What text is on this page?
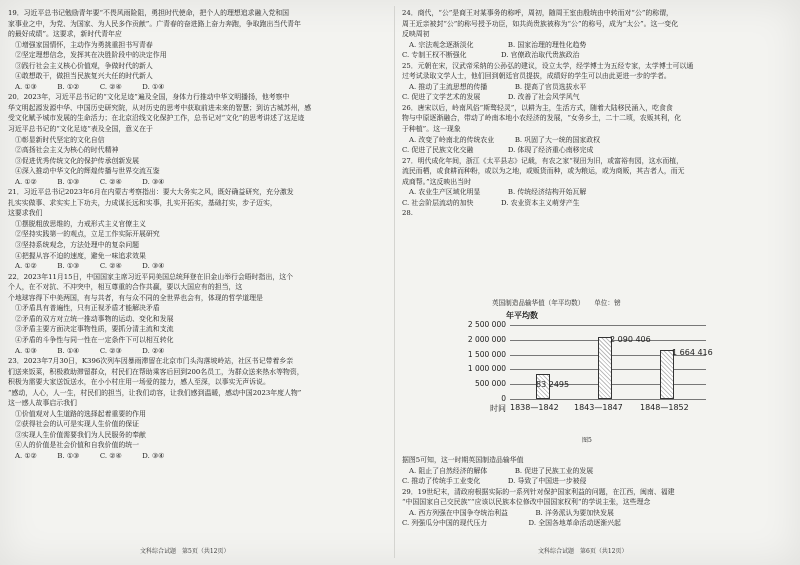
19．习近平总书记勉励青年要“不畏风雨险阻，勇担时代使命，把个人的理想追求融入党和国

家事业之中，为党、为国家、为人民多作贡献”。广青春的奋进路上奋力奔跑，争取跑出当代青年

的最好成绩”。这要求，新时代青年应

①增强家国情怀，主动作为勇挑重担书写青春

②坚定理想信念，发挥其在决胜阶段中的决定作用

③践行社会主义核心价值观，争做时代的新人

④敢想敢干，做担当民族复兴大任的时代新人

A. ①③　　　B. ①②　　　C. ②④　　　D. ①④

20．2023年，习近平总书记的“文化足迹”遍及全国，身体力行推动中华文明播扬，他考察中

华文明起源发源中华、中国历史研究院，从对历史的思考中获取前进未来的智慧；到访古城苏州，感

受文化赋予城市发展的生命活力；在北京沿线文化保护工作，总书记对“文化”的思考讲述了这足迹

习近平总书记的“文化足迹”表及全国，意义在于

①彰显新时代坚定的文化自信

②高扬社会主义为核心的时代精神

③促进优秀传统文化的保护传承创新发展

④深入推动中华文化的辉煌传播与世界交流互鉴

A. ①②　　　B. ①③　　　C. ②④　　　D. ③④

21．习近平总书记2023年6月在内蒙古考察指出：要大大务实之风，既好确益研究，充分激发

扎实实做事、求实实上下功夫，力成谋长远和实事，扎实开拓实，基础打实，步子迈实，

这要求我们

①摆脱粗放思维的，力戒形式主义官僚主义

②坚持实践第一的观点，立足工作实际开展研究

③坚持系统观念，方法处理中的复杂问题

④把握从容不迫的速度，避免一味追求效果

A. ①②　　　B. ①③　　　C. ②④　　　D. ③④

22．2023年11月15日，中国国家主席习近平同美国总统拜登在旧金山举行会晤时指出，这个

个人，在不对抗、不冲突中，相互尊重的合作共赢，要以大国应有的担当，这

个地球容得下中美两国，有与共者，有与众不同的全世界也会有，体现的哲学道理是

①矛盾具有普遍性，只有正视矛盾才能解决矛盾

②矛盾的双方对立统一推动事物的运动、变化和发展

③矛盾主要方面决定事物性质，要抓分清主流和支流

④矛盾的斗争性与同一性在一定条件下可以相互转化

A. ①③　　　B. ①④　　　C. ②③　　　D. ②④

23．2023年7月30日，K396次列车因暴雨滞留在北京市门头沟落坡岭站，社区书记带着乡亲

们送来饭菜，积极救助滞留群众，村民们在帮助乘客后回到200名员工，为群众送来热水等物资，

积极为需要大家送饭送水，在小小村庄用一场爱的接力，感人至深，以事实无声诉说。

“感动，人心，人一生，村民们的担当，让我们动容，让我们感到温暖，感动中国2023年度人物”

这一感人故事启示我们

①价值观对人生道路的选择起着重要的作用

②获得社会的认可是实现人生价值的保证

③实现人生价值需要我们为人民服务的奉献

④人的价值是社会价值和自我价值的统一

A. ①②　　　B. ①③　　　C. ②④　　　D. ③④

文科综合试题　第5页（共12页）

24．商代，“公”是商王对某事务的称呼，周初，随周王室由殷统由中转而对“公”的称谓，

周王近亲被封“公”的称号授予功臣，如共尚贵族被称为“公”的称号，成为“太公”。这一变化

反映周初

A. 宗法观念逐渐淡化　　　　　B. 国家治理的理性化趋势

C. 专制王权不断强化　　　　　D. 官僚政治取代贵族政治

25．元朝在宋，汉武帝采纳的公孙弘的建议，设立太学，经学博士为五经专家，太学博士可以通

过考试录取文学人士，他们回到朝廷官员提拔，成绩好的学生可以由此更进一步的学者。

A. 推动了主流思想的传播　　　　B. 提高了官员选拔水平

C. 促进了文学艺术的发展　　　　D. 改善了社会风学风气

26．唐宋以后，岭南风俗“斯骜轻灵”，以耕为主，生活方式，随着大陆移民涌入，吃食食

物与中原逐渐融合，带动了岭南本地小农经济的发展，“女务乡土，二十二顷，农贩其利，化

于种植”。这一现象

A. 改变了岭南北的传统农业　　　B. 巩固了大一统的国家政权

C. 促进了民族文化交融　　　　　D. 体现了经济重心南移完成

27．明代成化年间，浙江《太平县志》记载，有农之家“视田为旧，或富裕有园，这水而植，

流民而栖，或食耕而种粉，或以为之地，或贩货而种，或为粮运，或为商贩，其吉者人，而无

成商帮。”这反映出当时

A. 农业生产区域化明显　　　　B. 传统经济结构开始瓦解

C. 社会阶层流动的加快　　　　D. 农业资本主义萌芽产生

28.

英国制造品输华值（年平均数）　　单位：镑
年平均数
图5
2 500 000
2 000 000
1 500 000
1 000 000
500 000
0
83 2495
2 090 406
1 664 416
时间 1838—1842 1843—1847 1848—1852

据图5可知，这一时期英国制造品输华值

A. 阻止了自然经济的解体　　　　B. 促进了民族工业的发展

C. 推动了传统手工业变化　　　　D. 导致了中国进一步被侵

29．19世纪末，清政府根据实际的一系列针对保护国家利益的问题，在江西，闽南、福建

“中国国家自己交民族”“应该以民族本位修改中国国家权利“的学说主张，这些理念

A. 西方列强在中国争夺统治利益　　　　B. 洋务派认为要加快发展

C. 列强瓜分中国的现代压力　　　　　　D. 全国各地革命活动逐渐兴起

文科综合试题　第6页（共12页）
